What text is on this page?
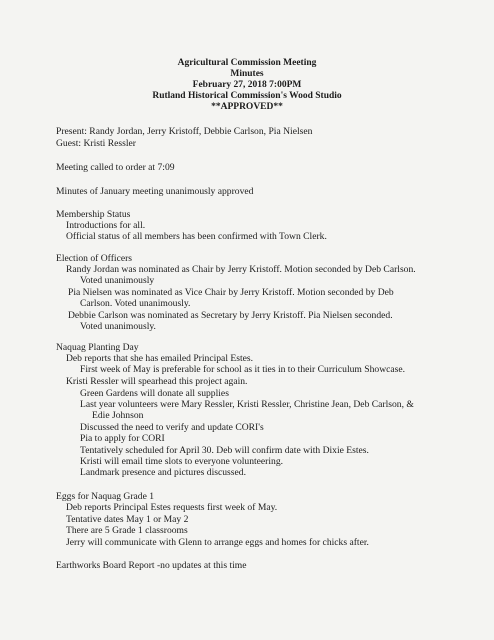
Agricultural Commission Meeting
Minutes
February 27, 2018 7:00PM
Rutland Historical Commission's Wood Studio
**APPROVED**
Present: Randy Jordan, Jerry Kristoff, Debbie Carlson, Pia Nielsen
Guest: Kristi Ressler
Meeting called to order at 7:09
Minutes of January meeting unanimously approved
Membership Status
Introductions for all.
Official status of all members has been confirmed with Town Clerk.
Election of Officers
Randy Jordan was nominated as Chair by Jerry Kristoff. Motion seconded by Deb Carlson.
Voted unanimously
Pia Nielsen was nominated as Vice Chair by Jerry Kristoff. Motion seconded by Deb
Carlson. Voted unanimously.
Debbie Carlson was nominated as Secretary by Jerry Kristoff. Pia Nielsen seconded.
Voted unanimously.
Naquag Planting Day
Deb reports that she has emailed Principal Estes.
First week of May is preferable for school as it ties in to their Curriculum Showcase.
Kristi Ressler will spearhead this project again.
Green Gardens will donate all supplies
Last year volunteers were Mary Ressler, Kristi Ressler, Christine Jean, Deb Carlson, &
Edie Johnson
Discussed the need to verify and update CORI's
Pia to apply for CORI
Tentatively scheduled for April 30. Deb will confirm date with Dixie Estes.
Kristi will email time slots to everyone volunteering.
Landmark presence and pictures discussed.
Eggs for Naquag Grade 1
Deb reports Principal Estes requests first week of May.
Tentative dates May 1 or May 2
There are 5 Grade 1 classrooms
Jerry will communicate with Glenn to arrange eggs and homes for chicks after.
Earthworks Board Report -no updates at this time
